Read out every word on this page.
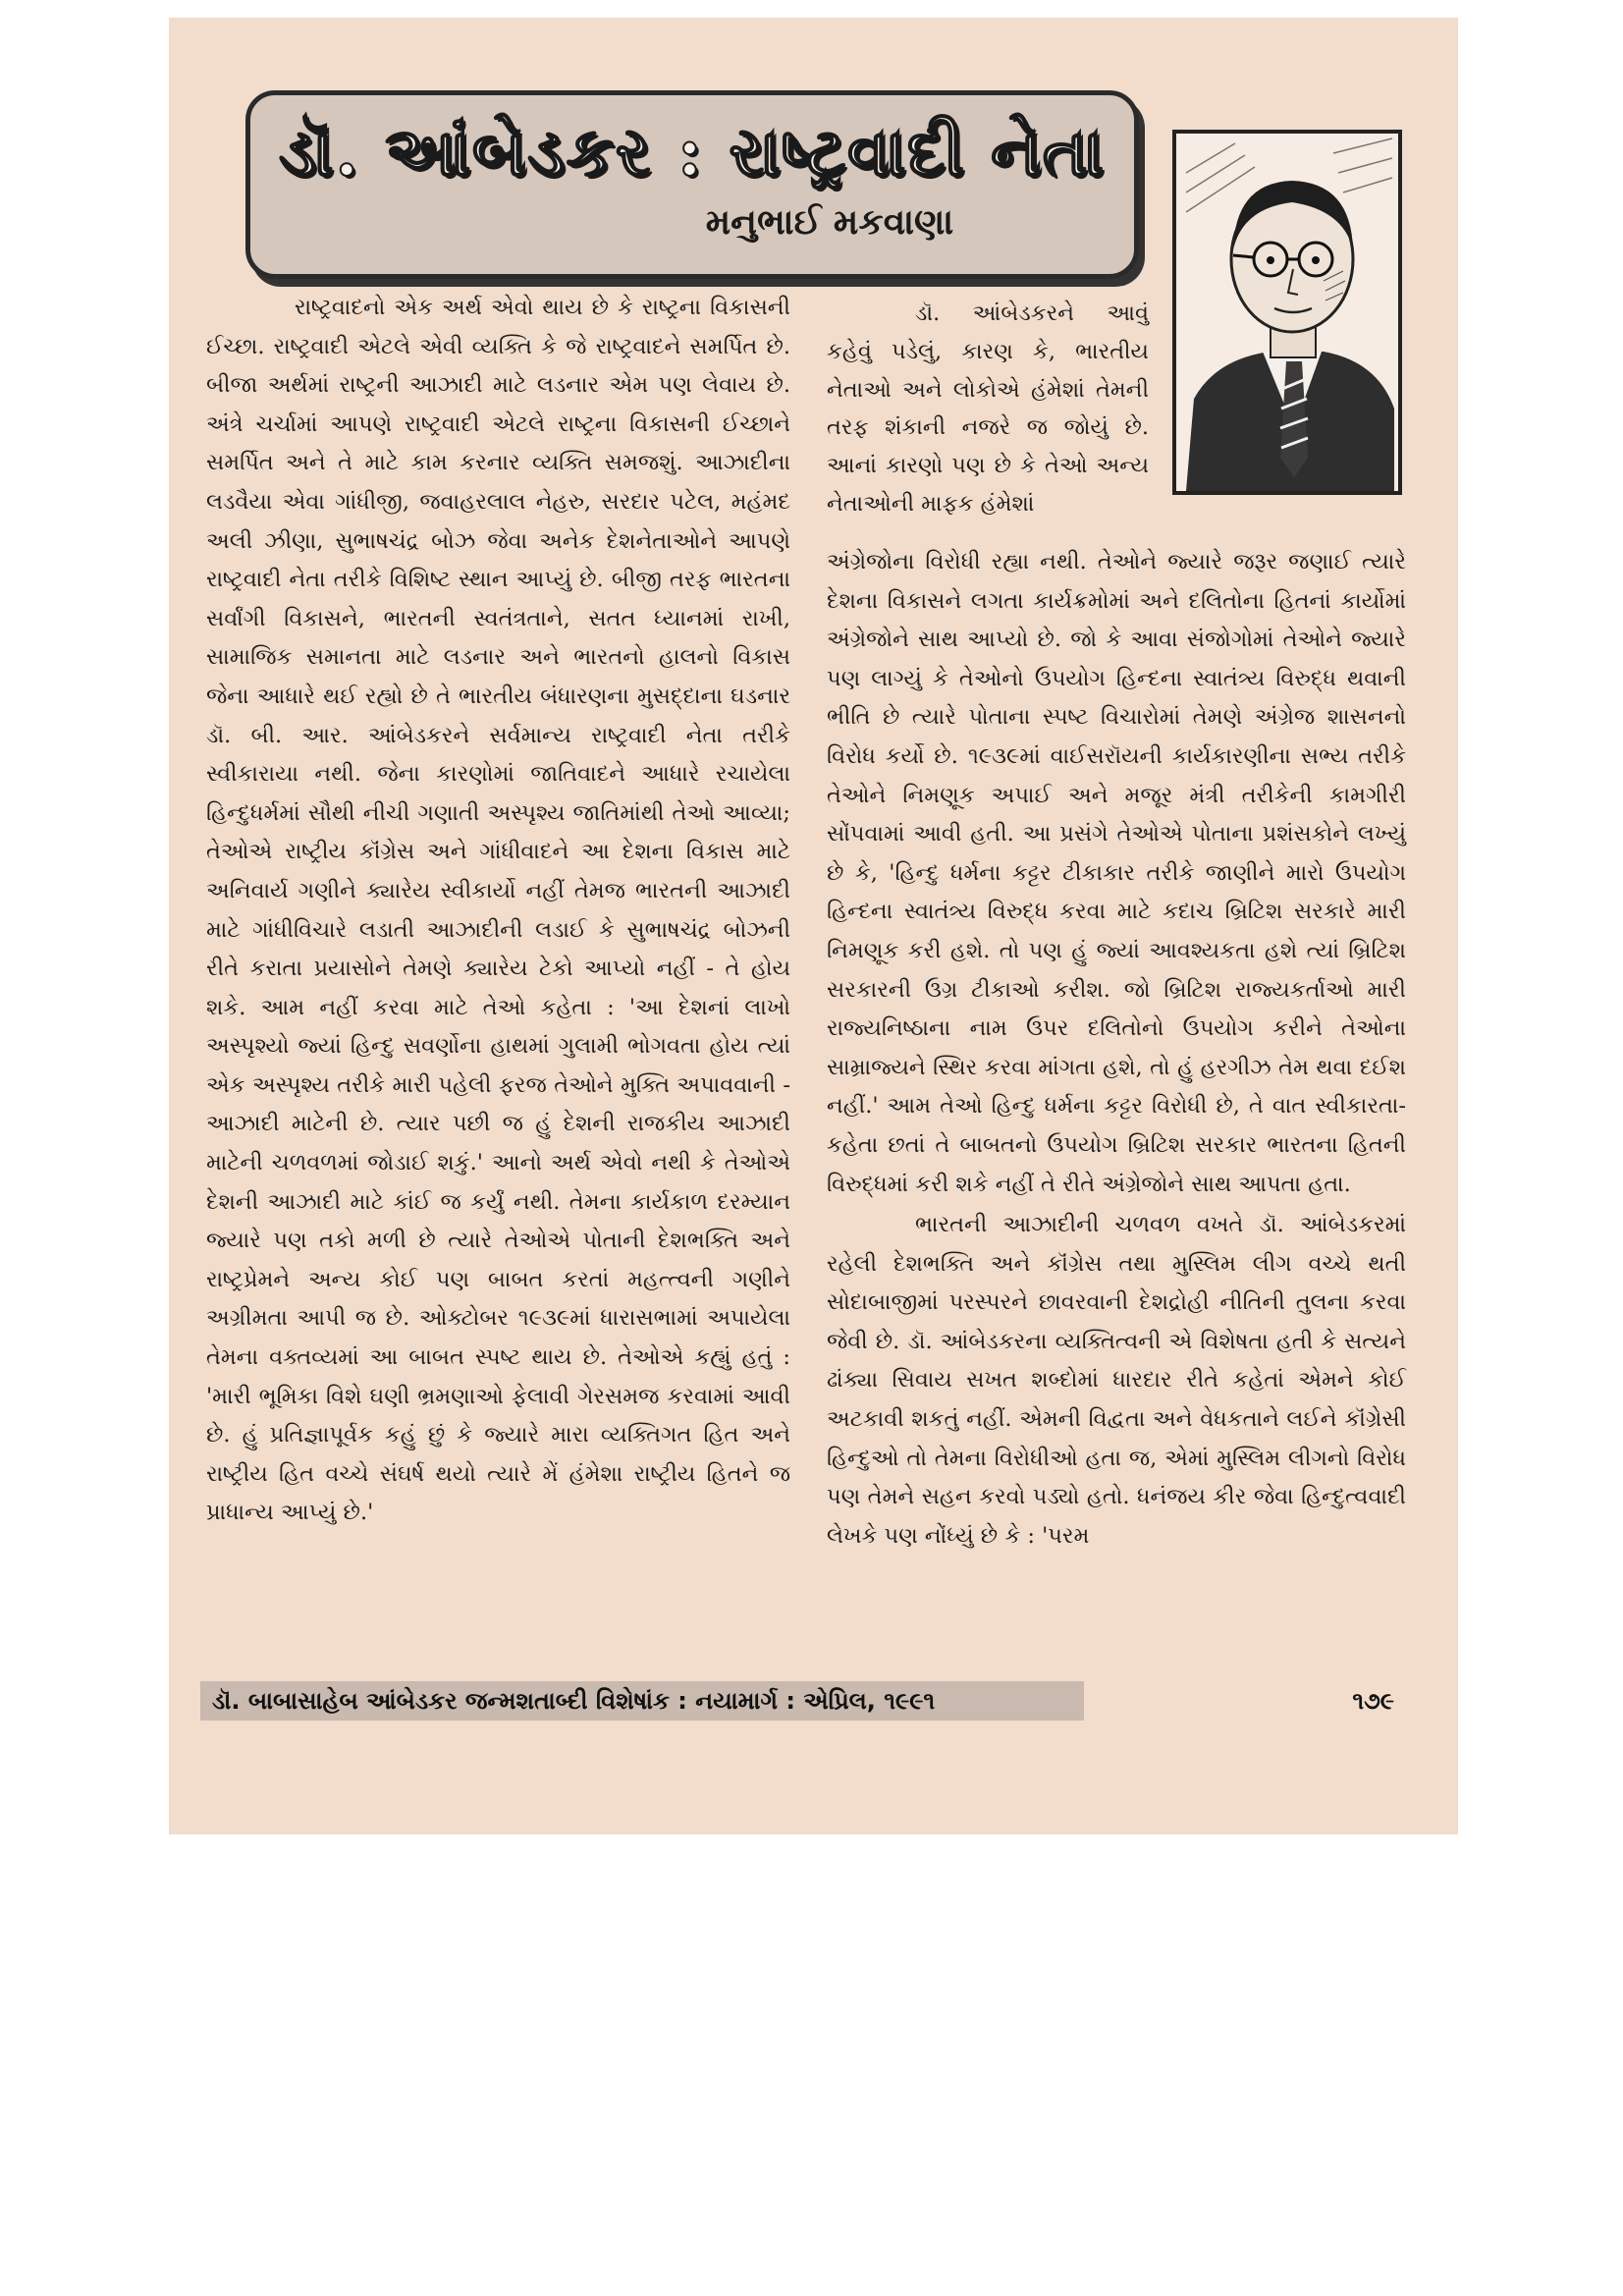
ડૉ. આંબેડકર : રાષ્ટ્રવાદી નેતા
મનુભાઈ મકવાણા

રાષ્ટ્રવાદનો એક અર્થ એવો થાય છે કે રાષ્ટ્રના વિકાસની ઈચ્છા. રાષ્ટ્રવાદી એટલે એવી વ્યક્તિ કે જે રાષ્ટ્રવાદને સમર્પિત છે. બીજા અર્થમાં રાષ્ટ્રની આઝાદી માટે લડનાર એમ પણ લેવાય છે. અંત્રે ચર્ચામાં આપણે રાષ્ટ્રવાદી એટલે રાષ્ટ્રના વિકાસની ઈચ્છાને સમર્પિત અને તે માટે કામ કરનાર વ્યક્તિ સમજશું. આઝાદીના લડવૈયા એવા ગાંધીજી, જવાહરલાલ નેહરુ, સરદાર પટેલ, મહંમદ અલી ઝીણા, સુભાષચંદ્ર બોઝ જેવા અનેક દેશનેતાઓને આપણે રાષ્ટ્રવાદી નેતા તરીકે વિશિષ્ટ સ્થાન આપ્યું છે. બીજી તરફ ભારતના સર્વાંગી વિકાસને, ભારતની સ્વતંત્રતાને, સતત ધ્યાનમાં રાખી, સામાજિક સમાનતા માટે લડનાર અને ભારતનો હાલનો વિકાસ જેના આધારે થઈ રહ્યો છે તે ભારતીય બંધારણના મુસદ્દાના ઘડનાર ડૉ. બી. આર. આંબેડકરને સર્વમાન્ય રાષ્ટ્રવાદી નેતા તરીકે સ્વીકારાયા નથી. જેના કારણોમાં જાતિવાદને આધારે રચાયેલા હિન્દુધર્મમાં સૌથી નીચી ગણાતી અસ્પૃશ્ય જાતિમાંથી તેઓ આવ્યા; તેઓએ રાષ્ટ્રીય કૉંગ્રેસ અને ગાંધીવાદને આ દેશના વિકાસ માટે અનિવાર્ય ગણીને ક્યારેય સ્વીકાર્યો નહીં તેમજ ભારતની આઝાદી માટે ગાંધીવિચારે લડાતી આઝાદીની લડાઈ કે સુભાષચંદ્ર બોઝની રીતે કરાતા પ્રયાસોને તેમણે ક્યારેય ટેકો આપ્યો નહીં - તે હોય શકે. આમ નહીં કરવા માટે તેઓ કહેતા : 'આ દેશનાં લાખો અસ્પૃશ્યો જ્યાં હિન્દુ સવર્ણોના હાથમાં ગુલામી ભોગવતા હોય ત્યાં એક અસ્પૃશ્ય તરીકે મારી પહેલી ફરજ તેઓને મુક્તિ અપાવવાની - આઝાદી માટેની છે. ત્યાર પછી જ હું દેશની રાજકીય આઝાદી માટેની ચળવળમાં જોડાઈ શકું.' આનો અર્થ એવો નથી કે તેઓએ દેશની આઝાદી માટે કાંઈ જ કર્યું નથી. તેમના કાર્યકાળ દરમ્યાન જ્યારે પણ તકો મળી છે ત્યારે તેઓએ પોતાની દેશભક્તિ અને રાષ્ટ્રપ્રેમને અન્ય કોઈ પણ બાબત કરતાં મહત્ત્વની ગણીને અગ્રીમતા આપી જ છે. ઓક્ટોબર ૧૯૩૯માં ધારાસભામાં અપાયેલા તેમના વક્તવ્યમાં આ બાબત સ્પષ્ટ થાય છે. તેઓએ કહ્યું હતું : 'મારી ભૂમિકા વિશે ઘણી ભ્રમણાઓ ફેલાવી ગેરસમજ કરવામાં આવી છે. હું પ્રતિજ્ઞાપૂર્વક કહું છું કે જ્યારે મારા વ્યક્તિગત હિત અને રાષ્ટ્રીય હિત વચ્ચે સંઘર્ષ થયો ત્યારે મેં હંમેશા રાષ્ટ્રીય હિતને જ પ્રાધાન્ય આપ્યું છે.'

ડૉ. આંબેડકરને આવું કહેવું પડેલું, કારણ કે, ભારતીય નેતાઓ અને લોકોએ હંમેશાં તેમની તરફ શંકાની નજરે જ જોયું છે. આનાં કારણો પણ છે કે તેઓ અન્ય નેતાઓની માફક હંમેશાં

અંગ્રેજોના વિરોધી રહ્યા નથી. તેઓને જ્યારે જરૂર જણાઈ ત્યારે દેશના વિકાસને લગતા કાર્યક્રમોમાં અને દલિતોના હિતનાં કાર્યોમાં અંગ્રેજોને સાથ આપ્યો છે. જો કે આવા સંજોગોમાં તેઓને જ્યારે પણ લાગ્યું કે તેઓનો ઉપયોગ હિન્દના સ્વાતંત્ર્ય વિરુદ્ધ થવાની ભીતિ છે ત્યારે પોતાના સ્પષ્ટ વિચારોમાં તેમણે અંગ્રેજ શાસનનો વિરોધ કર્યો છે. ૧૯૩૯માં વાઈસરૉયની કાર્યકારણીના સભ્ય તરીકે તેઓને નિમણૂક અપાઈ અને મજૂર મંત્રી તરીકેની કામગીરી સોંપવામાં આવી હતી. આ પ્રસંગે તેઓએ પોતાના પ્રશંસકોને લખ્યું છે કે, 'હિન્દુ ધર્મના કટ્ટર ટીકાકાર તરીકે જાણીને મારો ઉપયોગ હિન્દના સ્વાતંત્ર્ય વિરુદ્ધ કરવા માટે કદાચ બ્રિટિશ સરકારે મારી નિમણૂક કરી હશે. તો પણ હું જ્યાં આવશ્યકતા હશે ત્યાં બ્રિટિશ સરકારની ઉગ્ર ટીકાઓ કરીશ. જો બ્રિટિશ રાજ્યકર્તાઓ મારી રાજ્યનિષ્ઠાના નામ ઉપર દલિતોનો ઉપયોગ કરીને તેઓના સામ્રાજ્યને સ્થિર કરવા માંગતા હશે, તો હું હરગીઝ તેમ થવા દઈશ નહીં.' આમ તેઓ હિન્દુ ધર્મના કટ્ટર વિરોધી છે, તે વાત સ્વીકારતા-કહેતા છતાં તે બાબતનો ઉપયોગ બ્રિટિશ સરકાર ભારતના હિતની વિરુદ્ધમાં કરી શકે નહીં તે રીતે અંગ્રેજોને સાથ આપતા હતા.

ભારતની આઝાદીની ચળવળ વખતે ડૉ. આંબેડકરમાં રહેલી દેશભક્તિ અને કૉંગ્રેસ તથા મુસ્લિમ લીગ વચ્ચે થતી સોદાબાજીમાં પરસ્પરને છાવરવાની દેશદ્રોહી નીતિની તુલના કરવા જેવી છે. ડૉ. આંબેડકરના વ્યક્તિત્વની એ વિશેષતા હતી કે સત્યને ઢાંક્યા સિવાય સખત શબ્દોમાં ધારદાર રીતે કહેતાં એમને કોઈ અટકાવી શકતું નહીં. એમની વિદ્વતા અને વેધકતાને લઈને કૉંગ્રેસી હિન્દુઓ તો તેમના વિરોધીઓ હતા જ, એમાં મુસ્લિમ લીગનો વિરોધ પણ તેમને સહન કરવો પડ્યો હતો. ધનંજય કીર જેવા હિન્દુત્વવાદી લેખકે પણ નોંધ્યું છે કે : 'પરમ

ડૉ. બાબાસાહેબ આંબેડકર જન્મશતાબ્દી વિશેષાંક : નયામાર્ગ : એપ્રિલ, ૧૯૯૧	૧૭૯
